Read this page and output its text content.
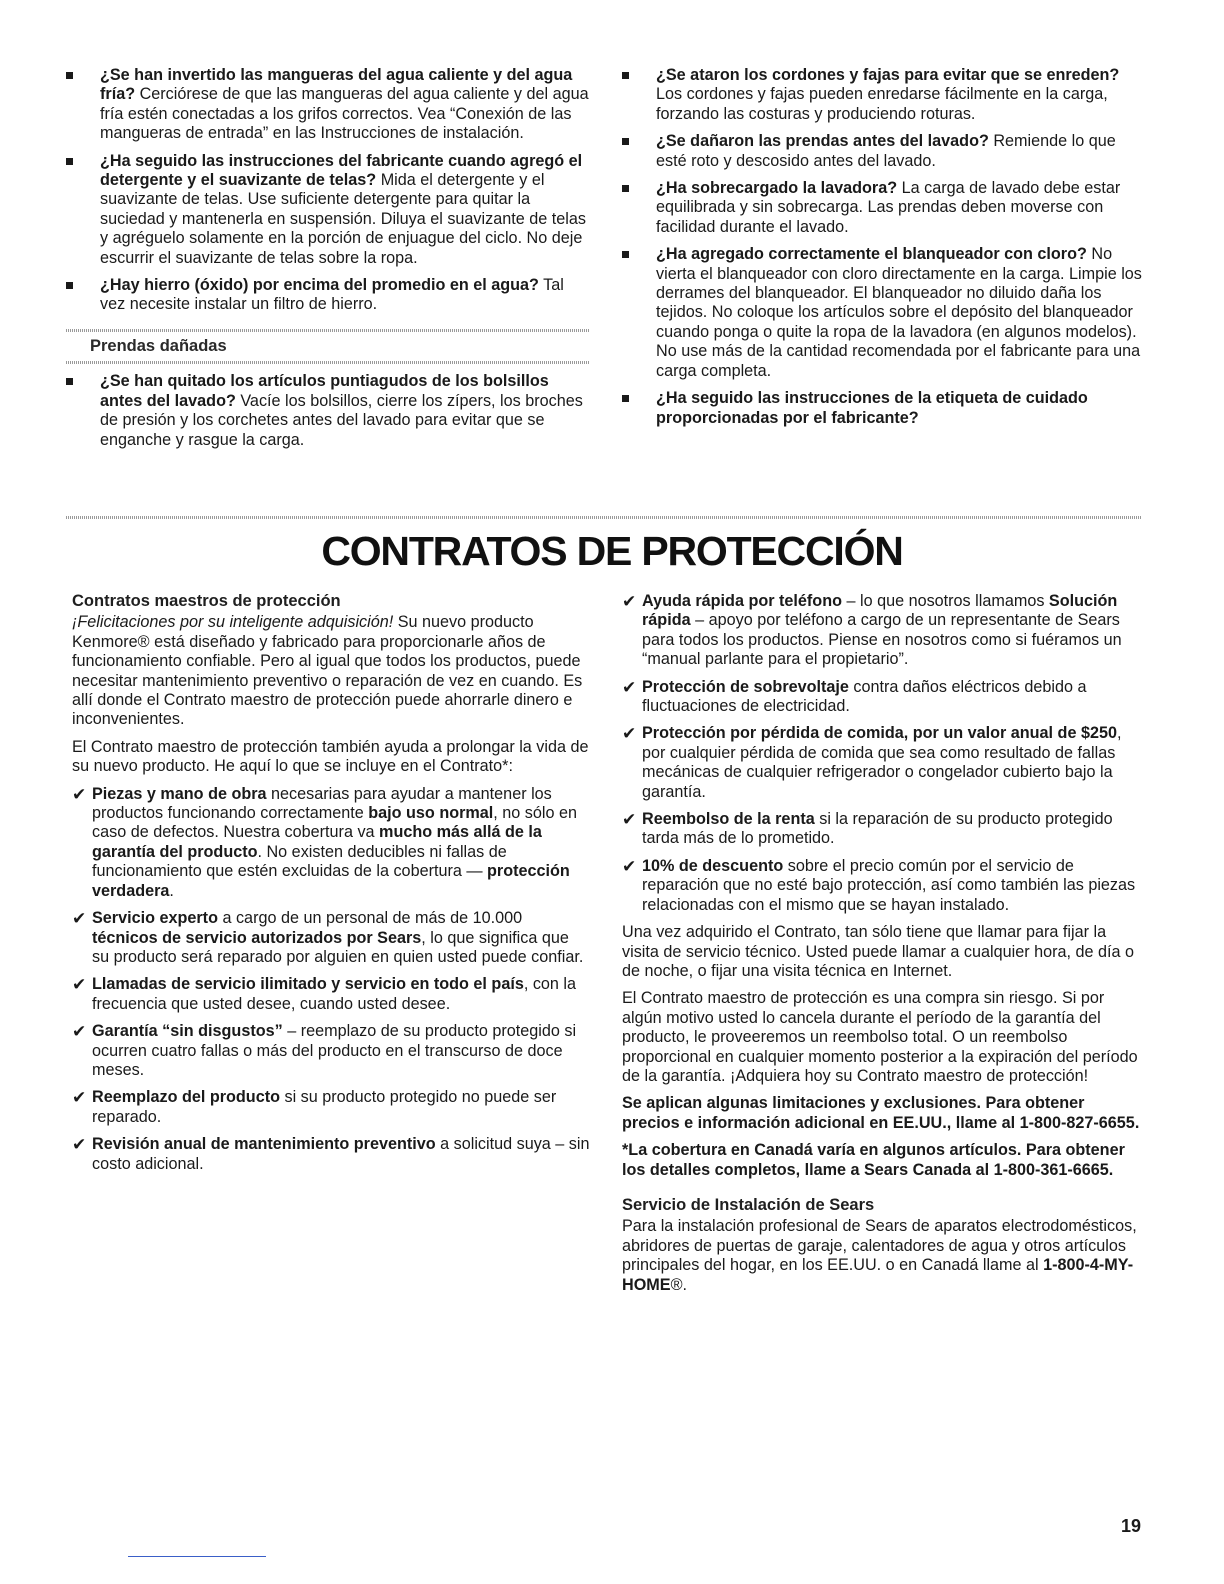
¿Se han invertido las mangueras del agua caliente y del agua fría? Cerciórese de que las mangueras del agua caliente y del agua fría estén conectadas a los grifos correctos. Vea “Conexión de las mangueras de entrada” en las Instrucciones de instalación.
¿Ha seguido las instrucciones del fabricante cuando agregó el detergente y el suavizante de telas? Mida el detergente y el suavizante de telas. Use suficiente detergente para quitar la suciedad y mantenerla en suspensión. Diluya el suavizante de telas y agréguelo solamente en la porción de enjuague del ciclo. No deje escurrir el suavizante de telas sobre la ropa.
¿Hay hierro (óxido) por encima del promedio en el agua? Tal vez necesite instalar un filtro de hierro.
Prendas dañadas
¿Se han quitado los artículos puntiagudos de los bolsillos antes del lavado? Vacíe los bolsillos, cierre los zípers, los broches de presión y los corchetes antes del lavado para evitar que se enganche y rasgue la carga.
¿Se ataron los cordones y fajas para evitar que se enreden? Los cordones y fajas pueden enredarse fácilmente en la carga, forzando las costuras y produciendo roturas.
¿Se dañaron las prendas antes del lavado? Remiende lo que esté roto y descosido antes del lavado.
¿Ha sobrecargado la lavadora? La carga de lavado debe estar equilibrada y sin sobrecarga. Las prendas deben moverse con facilidad durante el lavado.
¿Ha agregado correctamente el blanqueador con cloro? No vierta el blanqueador con cloro directamente en la carga. Limpie los derrames del blanqueador. El blanqueador no diluido daña los tejidos. No coloque los artículos sobre el depósito del blanqueador cuando ponga o quite la ropa de la lavadora (en algunos modelos). No use más de la cantidad recomendada por el fabricante para una carga completa.
¿Ha seguido las instrucciones de la etiqueta de cuidado proporcionadas por el fabricante?
CONTRATOS DE PROTECCIÓN
Contratos maestros de protección
¡Felicitaciones por su inteligente adquisición! Su nuevo producto Kenmore® está diseñado y fabricado para proporcionarle años de funcionamiento confiable. Pero al igual que todos los productos, puede necesitar mantenimiento preventivo o reparación de vez en cuando. Es allí donde el Contrato maestro de protección puede ahorrarle dinero e inconvenientes.
El Contrato maestro de protección también ayuda a prolongar la vida de su nuevo producto. He aquí lo que se incluye en el Contrato*:
✔ Piezas y mano de obra necesarias para ayudar a mantener los productos funcionando correctamente bajo uso normal, no sólo en caso de defectos. Nuestra cobertura va mucho más allá de la garantía del producto. No existen deducibles ni fallas de funcionamiento que estén excluidas de la cobertura — protección verdadera.
✔ Servicio experto a cargo de un personal de más de 10.000 técnicos de servicio autorizados por Sears, lo que significa que su producto será reparado por alguien en quien usted puede confiar.
✔ Llamadas de servicio ilimitado y servicio en todo el país, con la frecuencia que usted desee, cuando usted desee.
✔ Garantía “sin disgustos” – reemplazo de su producto protegido si ocurren cuatro fallas o más del producto en el transcurso de doce meses.
✔ Reemplazo del producto si su producto protegido no puede ser reparado.
✔ Revisión anual de mantenimiento preventivo a solicitud suya – sin costo adicional.
✔ Ayuda rápida por teléfono – lo que nosotros llamamos Solución rápida – apoyo por teléfono a cargo de un representante de Sears para todos los productos. Piense en nosotros como si fuéramos un “manual parlante para el propietario”.
✔ Protección de sobrevoltaje contra daños eléctricos debido a fluctuaciones de electricidad.
✔ Protección por pérdida de comida, por un valor anual de $250, por cualquier pérdida de comida que sea como resultado de fallas mecánicas de cualquier refrigerador o congelador cubierto bajo la garantía.
✔ Reembolso de la renta si la reparación de su producto protegido tarda más de lo prometido.
✔ 10% de descuento sobre el precio común por el servicio de reparación que no esté bajo protección, así como también las piezas relacionadas con el mismo que se hayan instalado.
Una vez adquirido el Contrato, tan sólo tiene que llamar para fijar la visita de servicio técnico. Usted puede llamar a cualquier hora, de día o de noche, o fijar una visita técnica en Internet.
El Contrato maestro de protección es una compra sin riesgo. Si por algún motivo usted lo cancela durante el período de la garantía del producto, le proveeremos un reembolso total. O un reembolso proporcional en cualquier momento posterior a la expiración del período de la garantía. ¡Adquiera hoy su Contrato maestro de protección!
Se aplican algunas limitaciones y exclusiones. Para obtener precios e información adicional en EE.UU., llame al 1-800-827-6655.
*La cobertura en Canadá varía en algunos artículos. Para obtener los detalles completos, llame a Sears Canada al 1-800-361-6665.
Servicio de Instalación de Sears
Para la instalación profesional de Sears de aparatos electrodomésticos, abridores de puertas de garaje, calentadores de agua y otros artículos principales del hogar, en los EE.UU. o en Canadá llame al 1-800-4-MY-HOME®.
19
